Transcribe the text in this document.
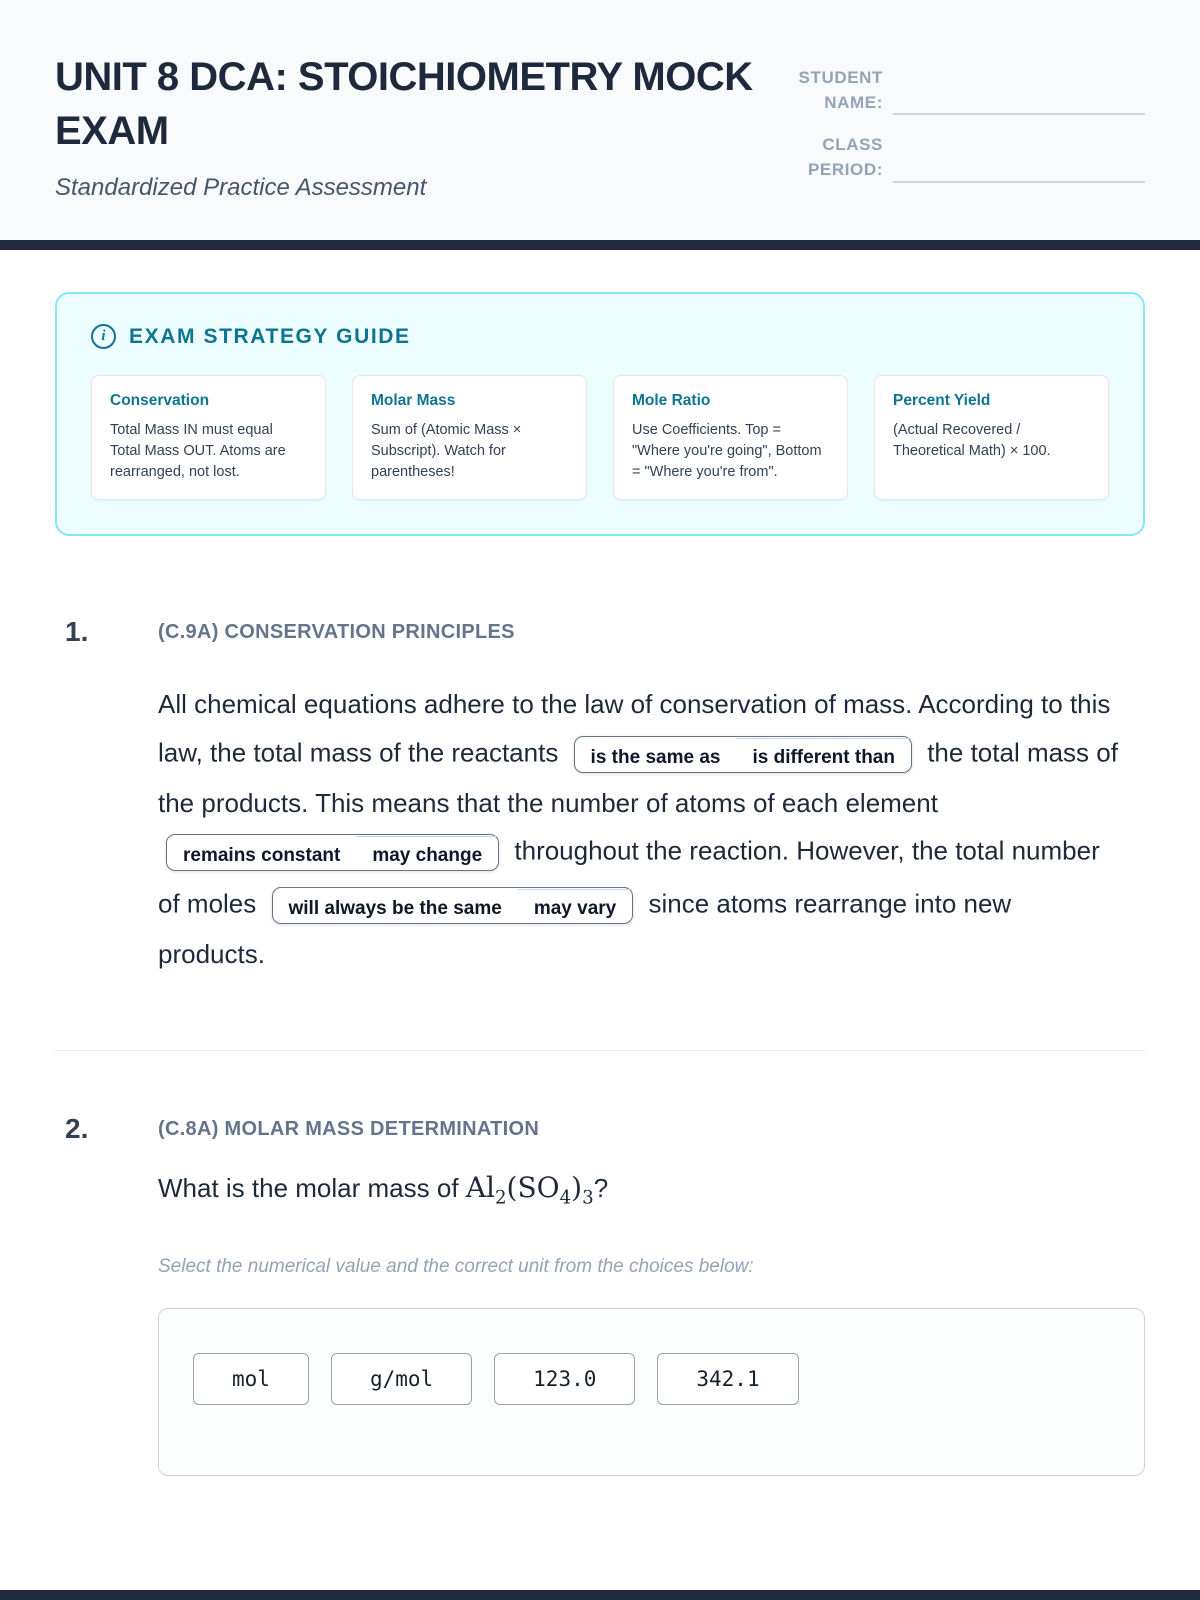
UNIT 8 DCA: STOICHIOMETRY MOCK EXAM
Standardized Practice Assessment
STUDENT NAME:
CLASS PERIOD:
i	EXAM STRATEGY GUIDE
Conservation
Total Mass IN must equal Total Mass OUT. Atoms are rearranged, not lost.
Molar Mass
Sum of (Atomic Mass × Subscript). Watch for parentheses!
Mole Ratio
Use Coefficients. Top = "Where you're going", Bottom = "Where you're from".
Percent Yield
(Actual Recovered / Theoretical Math) × 100.
1.	(C.9A) CONSERVATION PRINCIPLES
All chemical equations adhere to the law of conservation of mass. According to this law, the total mass of the reactants is the same as is different than the total mass of the products. This means that the number of atoms of each element remains constant may change throughout the reaction. However, the total number of moles will always be the same may vary since atoms rearrange into new products.
2.	(C.8A) MOLAR MASS DETERMINATION
What is the molar mass of $Al_2(SO_4)_3$?
Select the numerical value and the correct unit from the choices below:
mol	g/mol	123.0	342.1
